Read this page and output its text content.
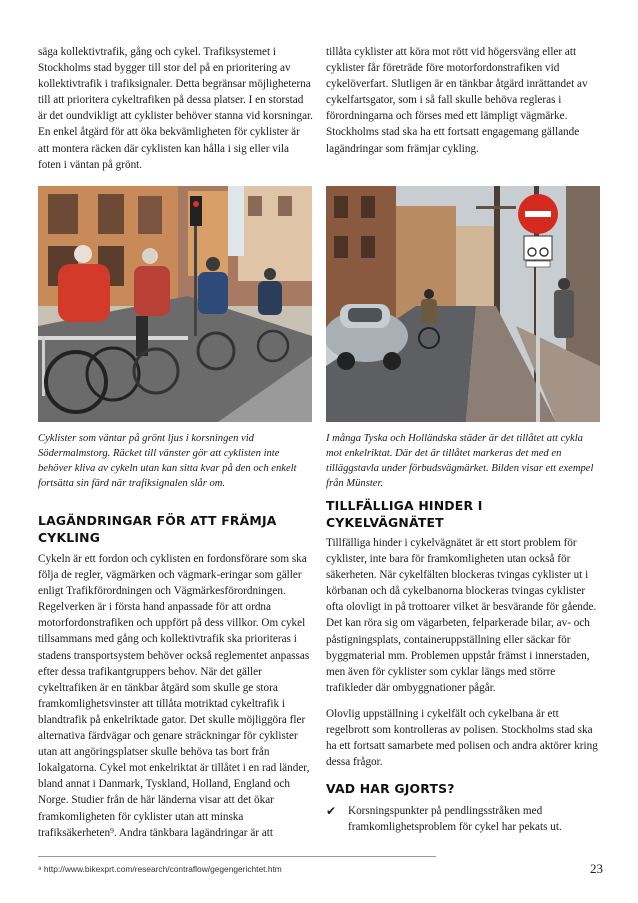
säga kollektivtrafik, gång och cykel. Trafiksystemet i Stockholms stad bygger till stor del på en prioritering av kollektivtrafik i trafiksignaler. Detta begränsar möjligheterna till att prioritera cykeltrafiken på dessa platser. I en storstad är det oundvikligt att cyklister behöver stanna vid korsningar. En enkel åtgärd för att öka bekvämligheten för cyklister är att montera räcken där cyklisten kan hålla i sig eller vila foten i väntan på grönt.

Cyklister som väntar på grönt ljus i korsningen vid Södermalmstorg. Räcket till vänster gör att cyklisten inte behöver kliva av cykeln utan kan sitta kvar på den och enkelt fortsätta sin färd när trafiksignalen slår om.

LAGÄNDRINGAR FÖR ATT FRÄMJA CYKLING

Cykeln är ett fordon och cyklisten en fordonsförare som ska följa de regler, vägmärken och vägmark-eringar som gäller enligt Trafikförordningen och Vägmärkesförordningen. Regelverken är i första hand anpassade för att ordna motorfordonstrafiken och uppfört på dess villkor. Om cykel tillsammans med gång och kollektivtrafik ska prioriteras i stadens transportsystem behöver också reglementet anpassas efter dessa trafikantgruppers behov. När det gäller cykeltrafiken är en tänkbar åtgärd som skulle ge stora framkomlighetsvinster att tillåta motriktad cykeltrafik i blandtrafik på enkelriktade gator. Det skulle möjliggöra fler alternativa färdvägar och genare sträckningar för cyklister utan att angöringsplatser skulle behöva tas bort från lokalgatorna. Cykel mot enkelriktat är tillåtet i en rad länder, bland annat i Danmark, Tyskland, Holland, England och Norge. Studier från de här länderna visar att det ökar framkomligheten för cyklister utan att minska trafiksäkerheten⁹. Andra tänkbara lagändringar är att

tillåta cyklister att köra mot rött vid högersväng eller att cyklister får företräde före motorfordonstrafiken vid cykelöverfart. Slutligen är en tänkbar åtgärd inrättandet av cykelfartsgator, som i så fall skulle behöva regleras i förordningarna och förses med ett lämpligt vägmärke. Stockholms stad ska ha ett fortsatt engagemang gällande lagändringar som främjar cykling.

I många Tyska och Holländska städer är det tillåtet att cykla mot enkelriktat. Där det är tillåtet markeras det med en tilläggstavla under förbudsvägmärket. Bilden visar ett exempel från Münster.

TILLFÄLLIGA HINDER I CYKELVÄGNÄTET

Tillfälliga hinder i cykelvägnätet är ett stort problem för cyklister, inte bara för framkomligheten utan också för säkerheten. När cykelfälten blockeras tvingas cyklister ut i körbanan och då cykelbanorna blockeras tvingas cyklister ofta olovligt in på trottoarer vilket är besvärande för gående. Det kan röra sig om vägarbeten, felparkerade bilar, av- och påstigningsplats, containeruppställning eller säckar för byggmaterial mm. Problemen uppstår främst i innerstaden, men även för cyklister som cyklar längs med större trafikleder där ombyggnationer pågår.

Olovlig uppställning i cykelfält och cykelbana är ett regelbrott som kontrolleras av polisen. Stockholms stad ska ha ett fortsatt samarbete med polisen och andra aktörer kring dessa frågor.

VAD HAR GJORTS?
✔	Korsningspunkter på pendlingsstråken med framkomlighetsproblem för cykel har pekats ut.
⁹ http://www.bikexprt.com/research/contraflow/gegengerichtet.htm	23
